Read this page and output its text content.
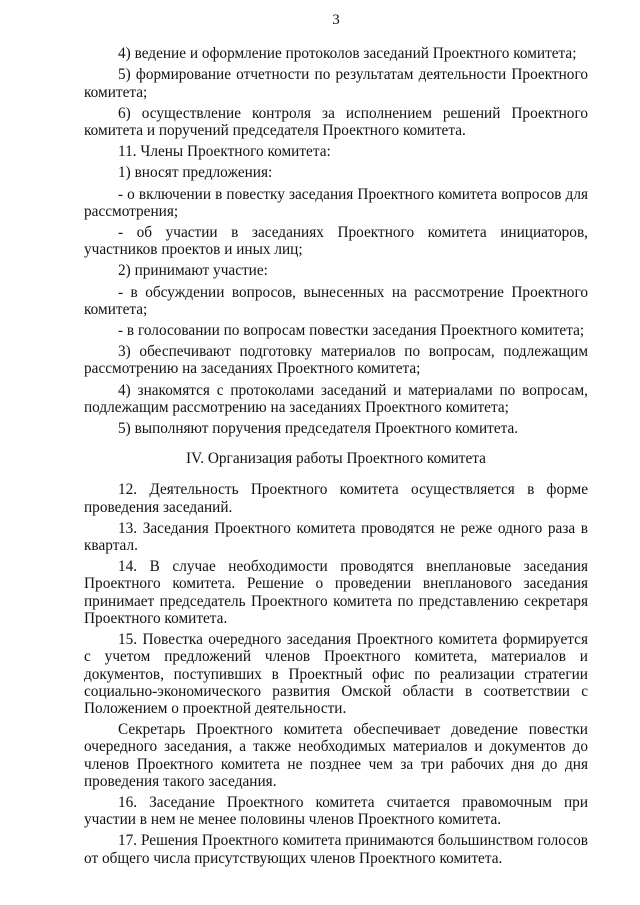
3

4) ведение и оформление протоколов заседаний Проектного комитета;

5) формирование отчетности по результатам деятельности Проектного комитета;

6) осуществление контроля за исполнением решений Проектного комитета и поручений председателя Проектного комитета.

11. Члены Проектного комитета:

1) вносят предложения:

- о включении в повестку заседания Проектного комитета вопросов для рассмотрения;

- об участии в заседаниях Проектного комитета инициаторов, участников проектов и иных лиц;

2) принимают участие:

- в обсуждении вопросов, вынесенных на рассмотрение Проектного комитета;

- в голосовании по вопросам повестки заседания Проектного комитета;

3) обеспечивают подготовку материалов по вопросам, подлежащим рассмотрению на заседаниях Проектного комитета;

4) знакомятся с протоколами заседаний и материалами по вопросам, подлежащим рассмотрению на заседаниях Проектного комитета;

5) выполняют поручения председателя Проектного комитета.

IV. Организация работы Проектного комитета

12. Деятельность Проектного комитета осуществляется в форме проведения заседаний.

13. Заседания Проектного комитета проводятся не реже одного раза в квартал.

14. В случае необходимости проводятся внеплановые заседания Проектного комитета. Решение о проведении внепланового заседания принимает председатель Проектного комитета по представлению секретаря Проектного комитета.

15. Повестка очередного заседания Проектного комитета формируется с учетом предложений членов Проектного комитета, материалов и документов, поступивших в Проектный офис по реализации стратегии социально-экономического развития Омской области в соответствии с Положением о проектной деятельности.

Секретарь Проектного комитета обеспечивает доведение повестки очередного заседания, а также необходимых материалов и документов до членов Проектного комитета не позднее чем за три рабочих дня до дня проведения такого заседания.

16. Заседание Проектного комитета считается правомочным при участии в нем не менее половины членов Проектного комитета.

17. Решения Проектного комитета принимаются большинством голосов от общего числа присутствующих членов Проектного комитета.
